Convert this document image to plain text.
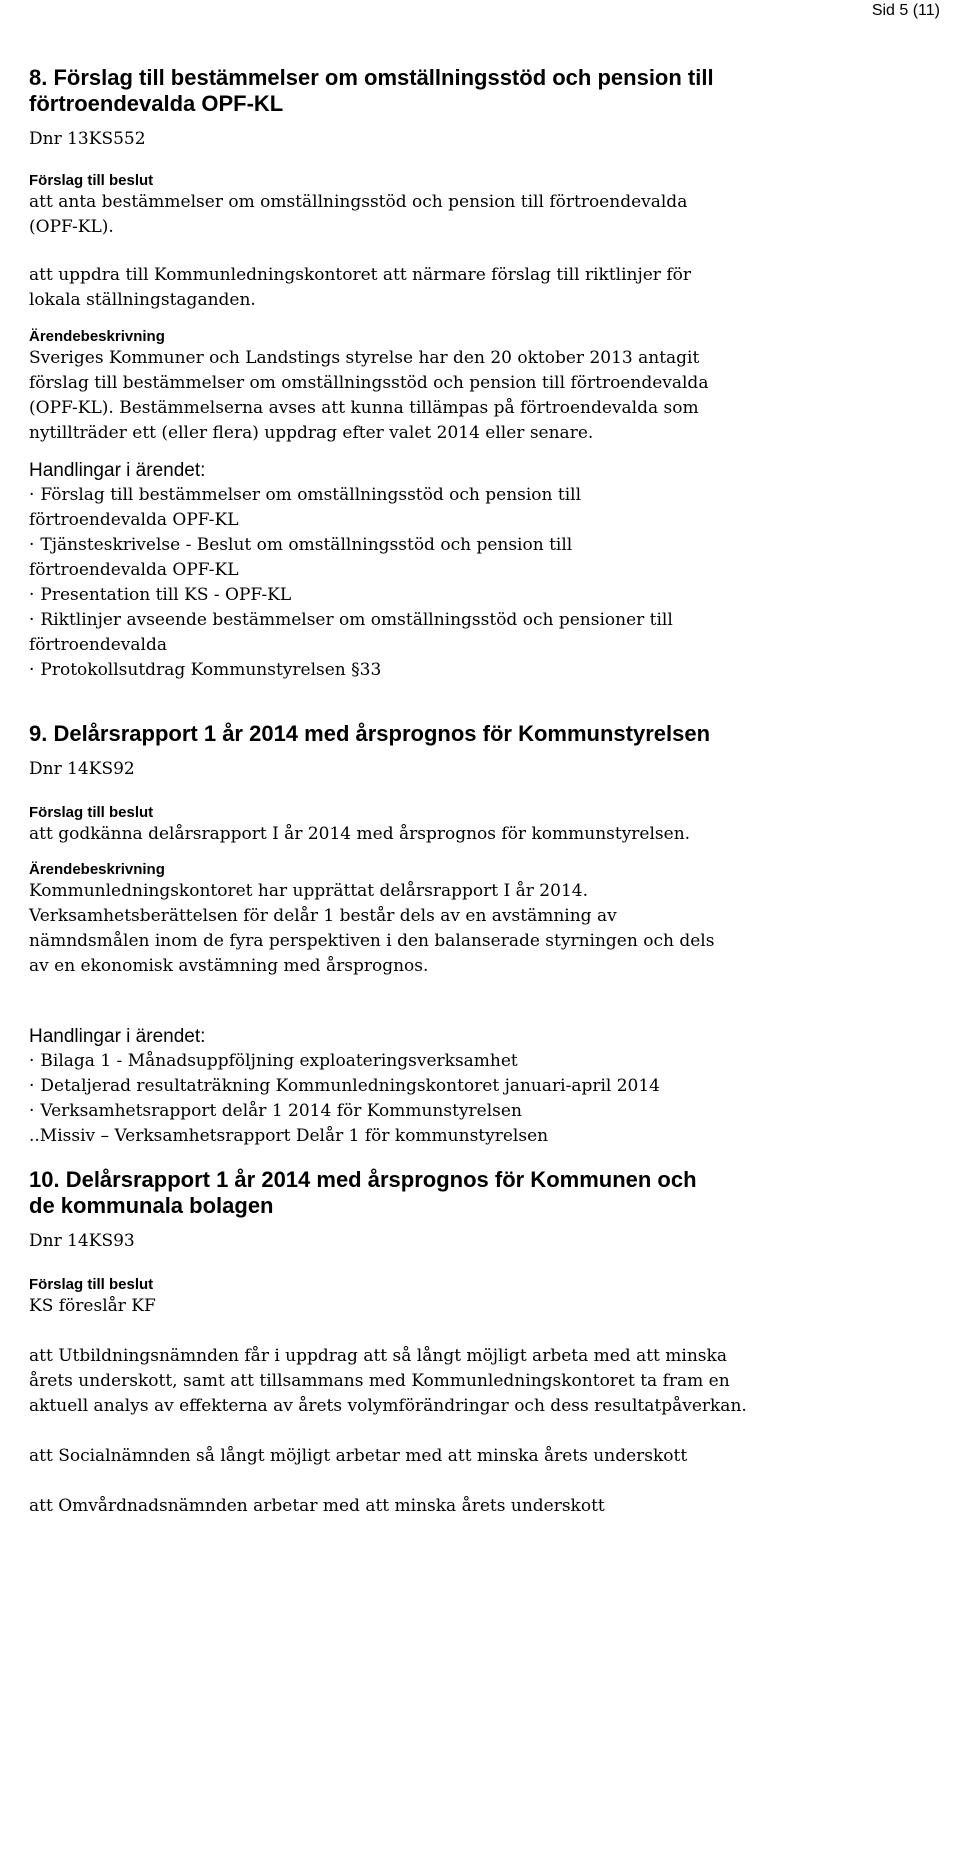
Sid 5 (11)

8. Förslag till bestämmelser om omställningsstöd och pension till

förtroendevalda OPF-KL

Dnr 13KS552

Förslag till beslut

att anta bestämmelser om omställningsstöd och pension till förtroendevalda

(OPF-KL).

att uppdra till Kommunledningskontoret att närmare förslag till riktlinjer för

lokala ställningstaganden.

Ärendebeskrivning

Sveriges Kommuner och Landstings styrelse har den 20 oktober 2013 antagit

förslag till bestämmelser om omställningsstöd och pension till förtroendevalda

(OPF-KL). Bestämmelserna avses att kunna tillämpas på förtroendevalda som

nytillträder ett (eller flera) uppdrag efter valet 2014 eller senare.

Handlingar i ärendet:

· Förslag till bestämmelser om omställningsstöd och pension till
förtroendevalda OPF-KL
· Tjänsteskrivelse - Beslut om omställningsstöd och pension till
förtroendevalda OPF-KL
· Presentation till KS - OPF-KL
· Riktlinjer avseende bestämmelser om omställningsstöd och pensioner till
förtroendevalda
· Protokollsutdrag Kommunstyrelsen §33

9. Delårsrapport 1 år 2014 med årsprognos för Kommunstyrelsen

Dnr 14KS92

Förslag till beslut

att godkänna delårsrapport I år 2014 med årsprognos för kommunstyrelsen.

Ärendebeskrivning

Kommunledningskontoret har upprättat delårsrapport I år 2014.

Verksamhetsberättelsen för delår 1 består dels av en avstämning av

nämndsmålen inom de fyra perspektiven i den balanserade styrningen och dels

av en ekonomisk avstämning med årsprognos.

Handlingar i ärendet:

· Bilaga 1 - Månadsuppföljning exploateringsverksamhet
· Detaljerad resultaträkning Kommunledningskontoret januari-april 2014
· Verksamhetsrapport delår 1 2014 för Kommunstyrelsen
..Missiv – Verksamhetsrapport Delår 1 för kommunstyrelsen

10. Delårsrapport 1 år 2014 med årsprognos för Kommunen och

de kommunala bolagen

Dnr 14KS93

Förslag till beslut

KS föreslår KF

att Utbildningsnämnden får i uppdrag att så långt möjligt arbeta med att minska

årets underskott, samt att tillsammans med Kommunledningskontoret ta fram en

aktuell analys av effekterna av årets volymförändringar och dess resultatpåverkan.

att Socialnämnden så långt möjligt arbetar med att minska årets underskott

att Omvårdnadsnämnden arbetar med att minska årets underskott
